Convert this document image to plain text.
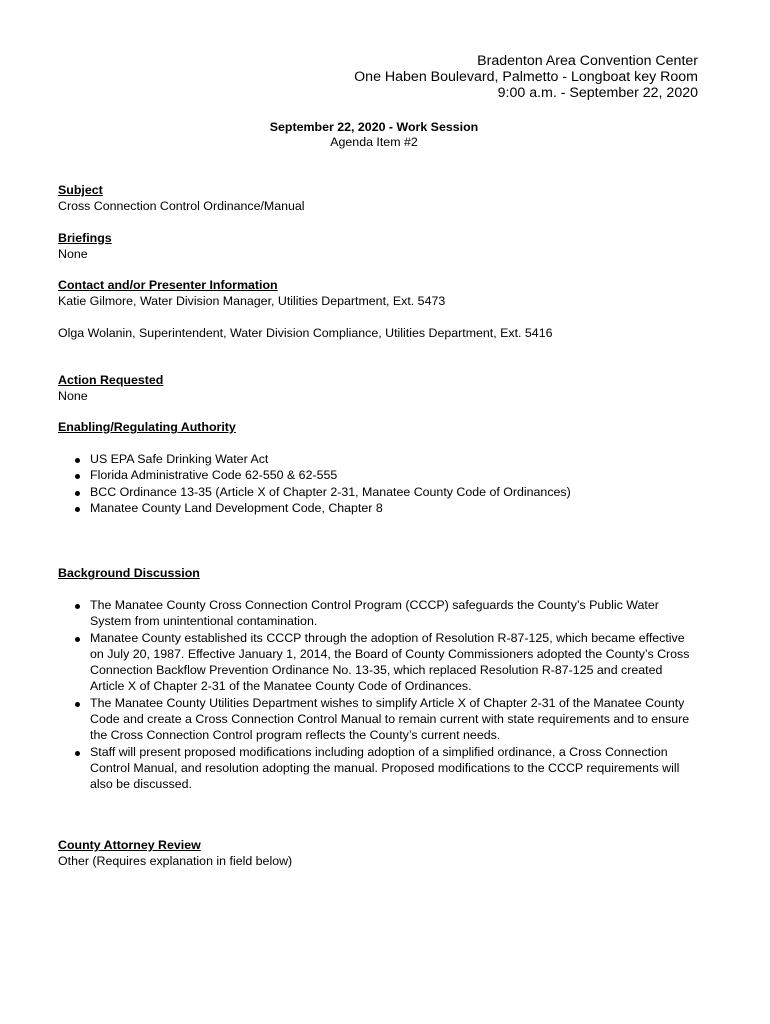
Bradenton Area Convention Center
One Haben Boulevard, Palmetto - Longboat key Room
9:00 a.m. - September 22, 2020
September 22, 2020 - Work Session
Agenda Item #2
Subject
Cross Connection Control Ordinance/Manual
Briefings
None
Contact and/or Presenter Information
Katie Gilmore, Water Division Manager, Utilities Department, Ext. 5473
Olga Wolanin, Superintendent, Water Division Compliance, Utilities Department, Ext. 5416
Action Requested
None
Enabling/Regulating Authority
US EPA Safe Drinking Water Act
Florida Administrative Code 62-550 & 62-555
BCC Ordinance 13-35 (Article X of Chapter 2-31, Manatee County Code of Ordinances)
Manatee County Land Development Code, Chapter 8
Background Discussion
The Manatee County Cross Connection Control Program (CCCP) safeguards the County’s Public Water System from unintentional contamination.
Manatee County established its CCCP through the adoption of Resolution R-87-125, which became effective on July 20, 1987. Effective January 1, 2014, the Board of County Commissioners adopted the County’s Cross Connection Backflow Prevention Ordinance No. 13-35, which replaced Resolution R-87-125 and created Article X of Chapter 2-31 of the Manatee County Code of Ordinances.
The Manatee County Utilities Department wishes to simplify Article X of Chapter 2-31 of the Manatee County Code and create a Cross Connection Control Manual to remain current with state requirements and to ensure the Cross Connection Control program reflects the County’s current needs.
Staff will present proposed modifications including adoption of a simplified ordinance, a Cross Connection Control Manual, and resolution adopting the manual. Proposed modifications to the CCCP requirements will also be discussed.
County Attorney Review
Other (Requires explanation in field below)
